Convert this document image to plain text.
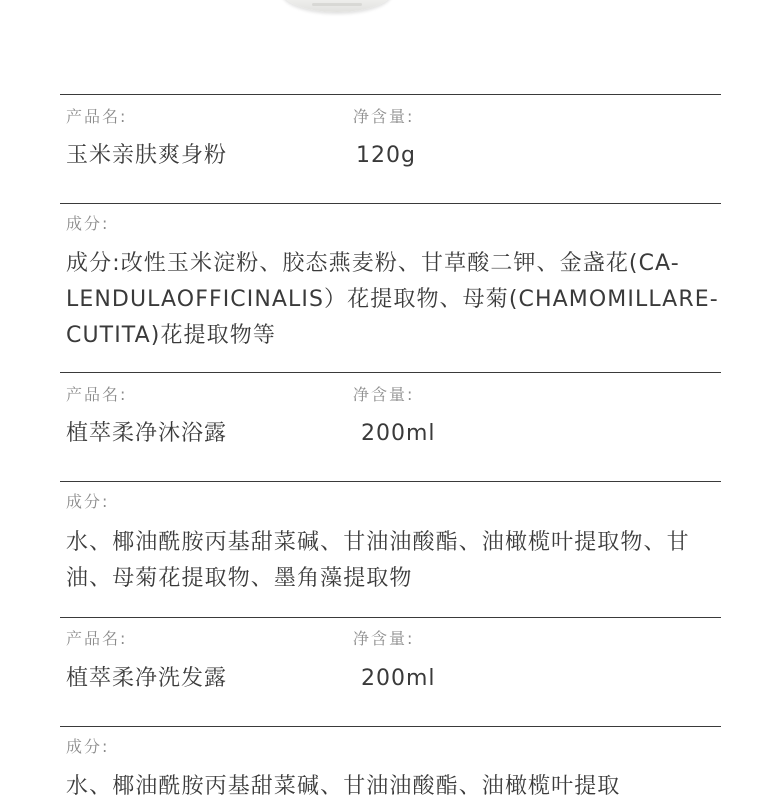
产品名:	净含量:
玉米亲肤爽身粉	120g
成分:
成分:改性玉米淀粉、胶态燕麦粉、甘草酸二钾、金盏花(CA-
LENDULAOFFICINALIS）花提取物、母菊(CHAMOMILLARE-
CUTITA)花提取物等
产品名:	净含量:
植萃柔净沐浴露	200ml
成分:
水、椰油酰胺丙基甜菜碱、甘油油酸酯、油橄榄叶提取物、甘
油、母菊花提取物、墨角藻提取物
产品名:	净含量:
植萃柔净洗发露	200ml
成分:
水、椰油酰胺丙基甜菜碱、甘油油酸酯、油橄榄叶提取
